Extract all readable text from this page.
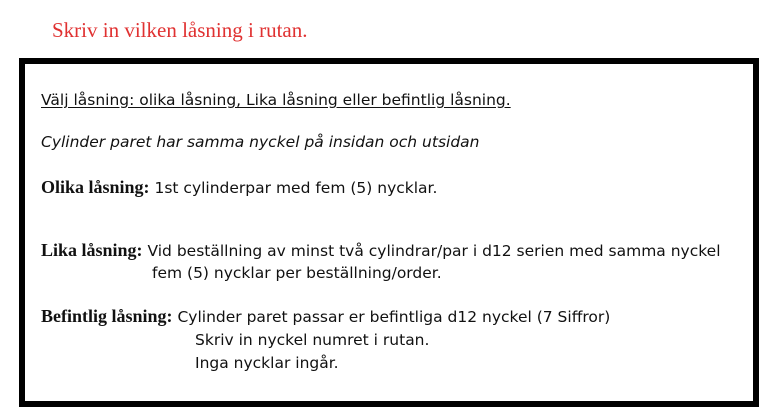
Skriv in vilken låsning i rutan.
Välj låsning: olika låsning, Lika låsning eller befintlig låsning.
Cylinder paret har samma nyckel på insidan och utsidan
Olika låsning: 1st cylinderpar med fem (5) nycklar.
Lika låsning: Vid beställning av minst två cylindrar/par i d12 serien med samma nyckel
fem (5) nycklar per beställning/order.
Befintlig låsning: Cylinder paret passar er befintliga d12 nyckel (7 Siffror)
Skriv in nyckel numret i rutan.
Inga nycklar ingår.
